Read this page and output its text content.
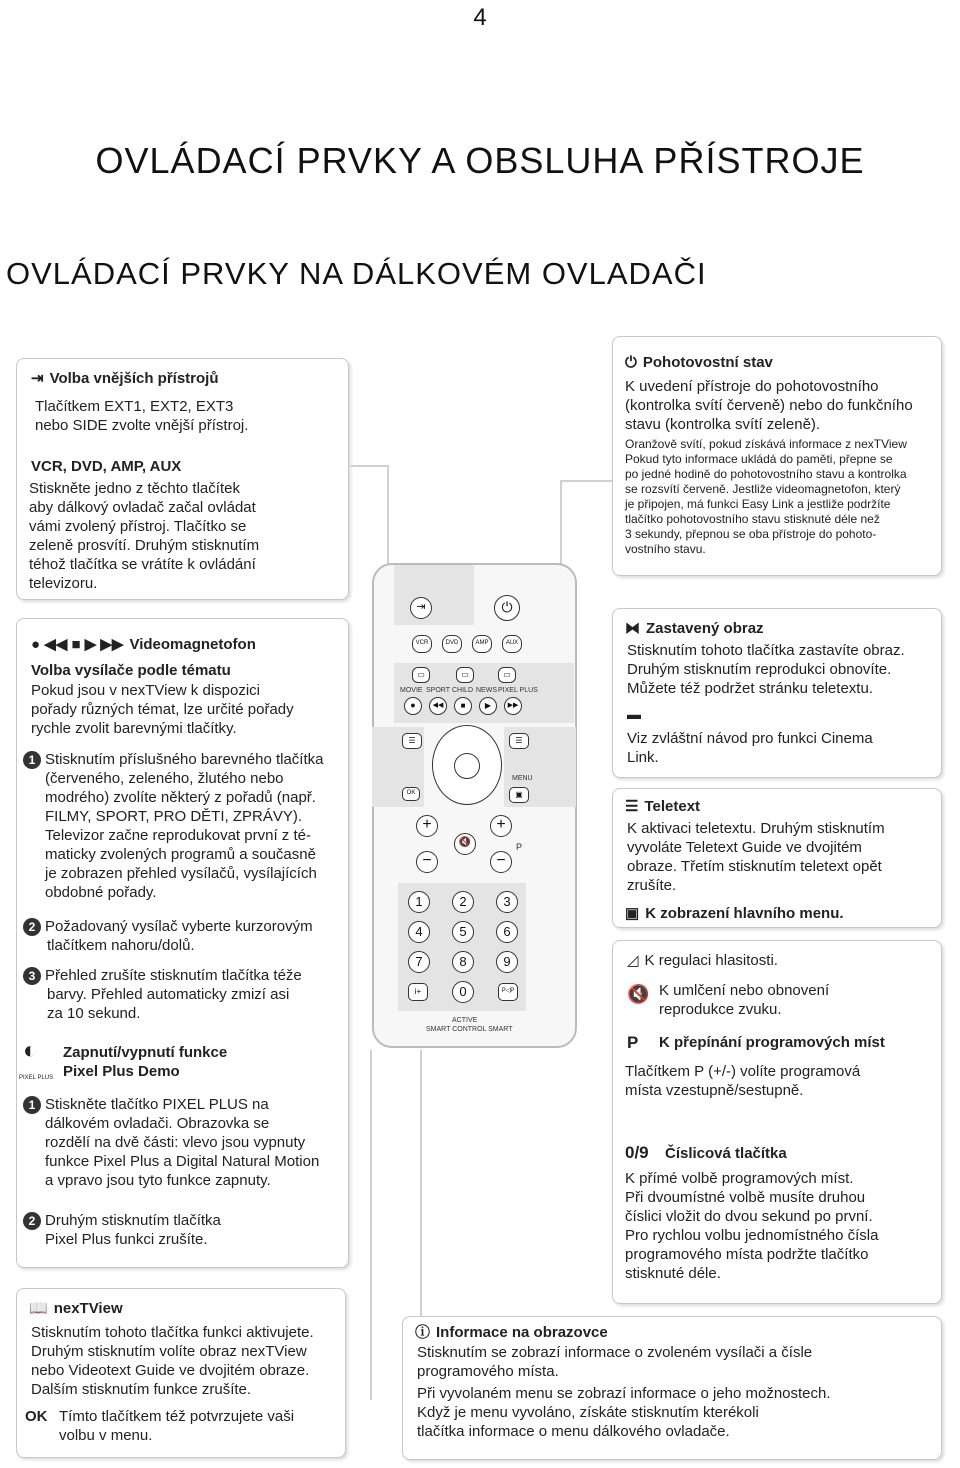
4
OVLÁDACÍ PRVKY A OBSLUHA PŘÍSTROJE
OVLÁDACÍ PRVKY NA DÁLKOVÉM OVLADAČI
⇥ Volba vnějších přístrojů
Tlačítkem EXT1, EXT2, EXT3
nebo SIDE zvolte vnější přístroj.
VCR, DVD, AMP, AUX
Stiskněte jedno z těchto tlačítek
aby dálkový ovladač začal ovládat
vámi zvolený přístroj. Tlačítko se
zeleně prosvítí. Druhým stisknutím
téhož tlačítka se vrátíte k ovládání
televizoru.
● ◀◀ ■ ▶ ▶▶ Videomagnetofon
Volba vysílače podle tématu
Pokud jsou v nexTView k dispozici
pořady různých témat, lze určité pořady
rychle zvolit barevnými tlačítky.
1 Stisknutím příslušného barevného tlačítka
(červeného, zeleného, žlutého nebo
modrého) zvolíte některý z pořadů (např.
FILMY, SPORT, PRO DĚTI, ZPRÁVY).
Televizor začne reprodukovat první z té-
maticky zvolených programů a současně
je zobrazen přehled vysílačů, vysílajících
obdobné pořady.
2 Požadovaný vysílač vyberte kurzorovým
tlačítkem nahoru/dolů.
3 Přehled zrušíte stisknutím tlačítka téže
barvy. Přehled automaticky zmizí asi
za 10 sekund.
◐
PIXEL PLUS
Zapnutí/vypnutí funkce
Pixel Plus Demo
1 Stiskněte tlačítko PIXEL PLUS na
dálkovém ovladači. Obrazovka se
rozdělí na dvě části: vlevo jsou vypnuty
funkce Pixel Plus a Digital Natural Motion
a vpravo jsou tyto funkce zapnuty.
2 Druhým stisknutím tlačítka
Pixel Plus funkci zrušíte.
📖 nexTView
Stisknutím tohoto tlačítka funkci aktivujete.
Druhým stisknutím volíte obraz nexTView
nebo Videotext Guide ve dvojitém obraze.
Dalším stisknutím funkce zrušíte.
OK Tímto tlačítkem též potvrzujete vaši
volbu v menu.
⏻ Pohotovostní stav
K uvedení přístroje do pohotovostního
(kontrolka svítí červeně) nebo do funkčního
stavu (kontrolka svítí zeleně).
Oranžově svítí, pokud získává informace z nexTView
Pokud tyto informace ukládá do paměti, přepne se
po jedné hodině do pohotovostního stavu a kontrolka
se rozsvítí červeně. Jestliže videomagnetofon, který
je připojen, má funkci Easy Link a jestliže podržíte
tlačítko pohotovostního stavu stisknuté déle než
3 sekundy, přepnou se oba přístroje do pohoto-
vostního stavu.
⧓ Zastavený obraz
Stisknutím tohoto tlačítka zastavíte obraz.
Druhým stisknutím reprodukci obnovíte.
Můžete též podržet stránku teletextu.
▬
Viz zvláštní návod pro funkci Cinema
Link.
☰ Teletext
K aktivaci teletextu. Druhým stisknutím
vyvoláte Teletext Guide ve dvojitém
obraze. Třetím stisknutím teletext opět
zrušíte.
▣ K zobrazení hlavního menu.
◿ K regulaci hlasitosti.
🔇 K umlčení nebo obnovení
reprodukce zvuku.
P K přepínání programových míst
Tlačítkem P (+/-) volíte programová
místa vzestupně/sestupně.
0/9 Číslicová tlačítka
K přímé volbě programových míst.
Při dvoumístné volbě musíte druhou
číslici vložit do dvou sekund po první.
Pro rychlou volbu jednomístného čísla
programového místa podržte tlačítko
stisknuté déle.
ⓘ Informace na obrazovce
Stisknutím se zobrazí informace o zvoleném vysílači a čísle
programového místa.
Při vyvolaném menu se zobrazí informace o jeho možnostech.
Když je menu vyvoláno, získáte stisknutím kterékoli
tlačítka informace o menu dálkového ovladače.
⇥	⏻
VCR	DVD	AMP	AUX
▭	▭	▭
MOVIE SPORT CHILD NEWS PIXEL PLUS
●	◀◀	■	▶	▶▶
☰	☰
OK
MENU
▣
+
🔇
+
P
−	−
1	2	3
4	5	6
7	8	9
i+	0	P◁P
ACTIVE
SMART CONTROL SMART
